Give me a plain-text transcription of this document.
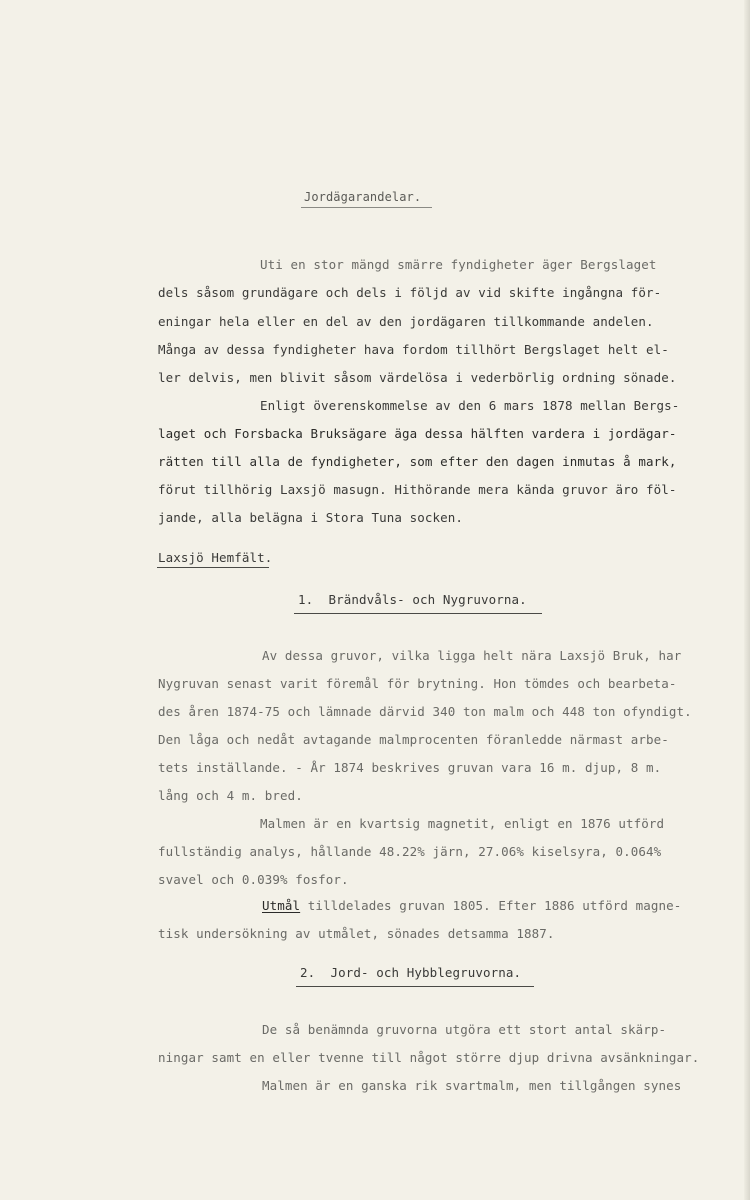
Jordägarandelar.
Uti en stor mängd smärre fyndigheter äger Bergslaget
dels såsom grundägare och dels i följd av vid skifte ingångna för-
eningar hela eller en del av den jordägaren tillkommande andelen.
Många av dessa fyndigheter hava fordom tillhört Bergslaget helt el-
ler delvis, men blivit såsom värdelösa i vederbörlig ordning sönade.
Enligt överenskommelse av den 6 mars 1878 mellan Bergs-
laget och Forsbacka Bruksägare äga dessa hälften vardera i jordägar-
rätten till alla de fyndigheter, som efter den dagen inmutas å mark,
förut tillhörig Laxsjö masugn. Hithörande mera kända gruvor äro föl-
jande, alla belägna i Stora Tuna socken.
Laxsjö Hemfält.
1.  Brändvåls- och Nygruvorna.
Av dessa gruvor, vilka ligga helt nära Laxsjö Bruk, har
Nygruvan senast varit föremål för brytning. Hon tömdes och bearbeta-
des åren 1874-75 och lämnade därvid 340 ton malm och 448 ton ofyndigt.
Den låga och nedåt avtagande malmprocenten föranledde närmast arbe-
tets inställande. - År 1874 beskrives gruvan vara 16 m. djup, 8 m.
lång och 4 m. bred.
Malmen är en kvartsig magnetit, enligt en 1876 utförd
fullständig analys, hållande 48.22% järn, 27.06% kiselsyra, 0.064%
svavel och 0.039% fosfor.
Utmål tilldelades gruvan 1805. Efter 1886 utförd magne-
tisk undersökning av utmålet, sönades detsamma 1887.
2.  Jord- och Hybblegruvorna.
De så benämnda gruvorna utgöra ett stort antal skärp-
ningar samt en eller tvenne till något större djup drivna avsänkningar.
Malmen är en ganska rik svartmalm, men tillgången synes
